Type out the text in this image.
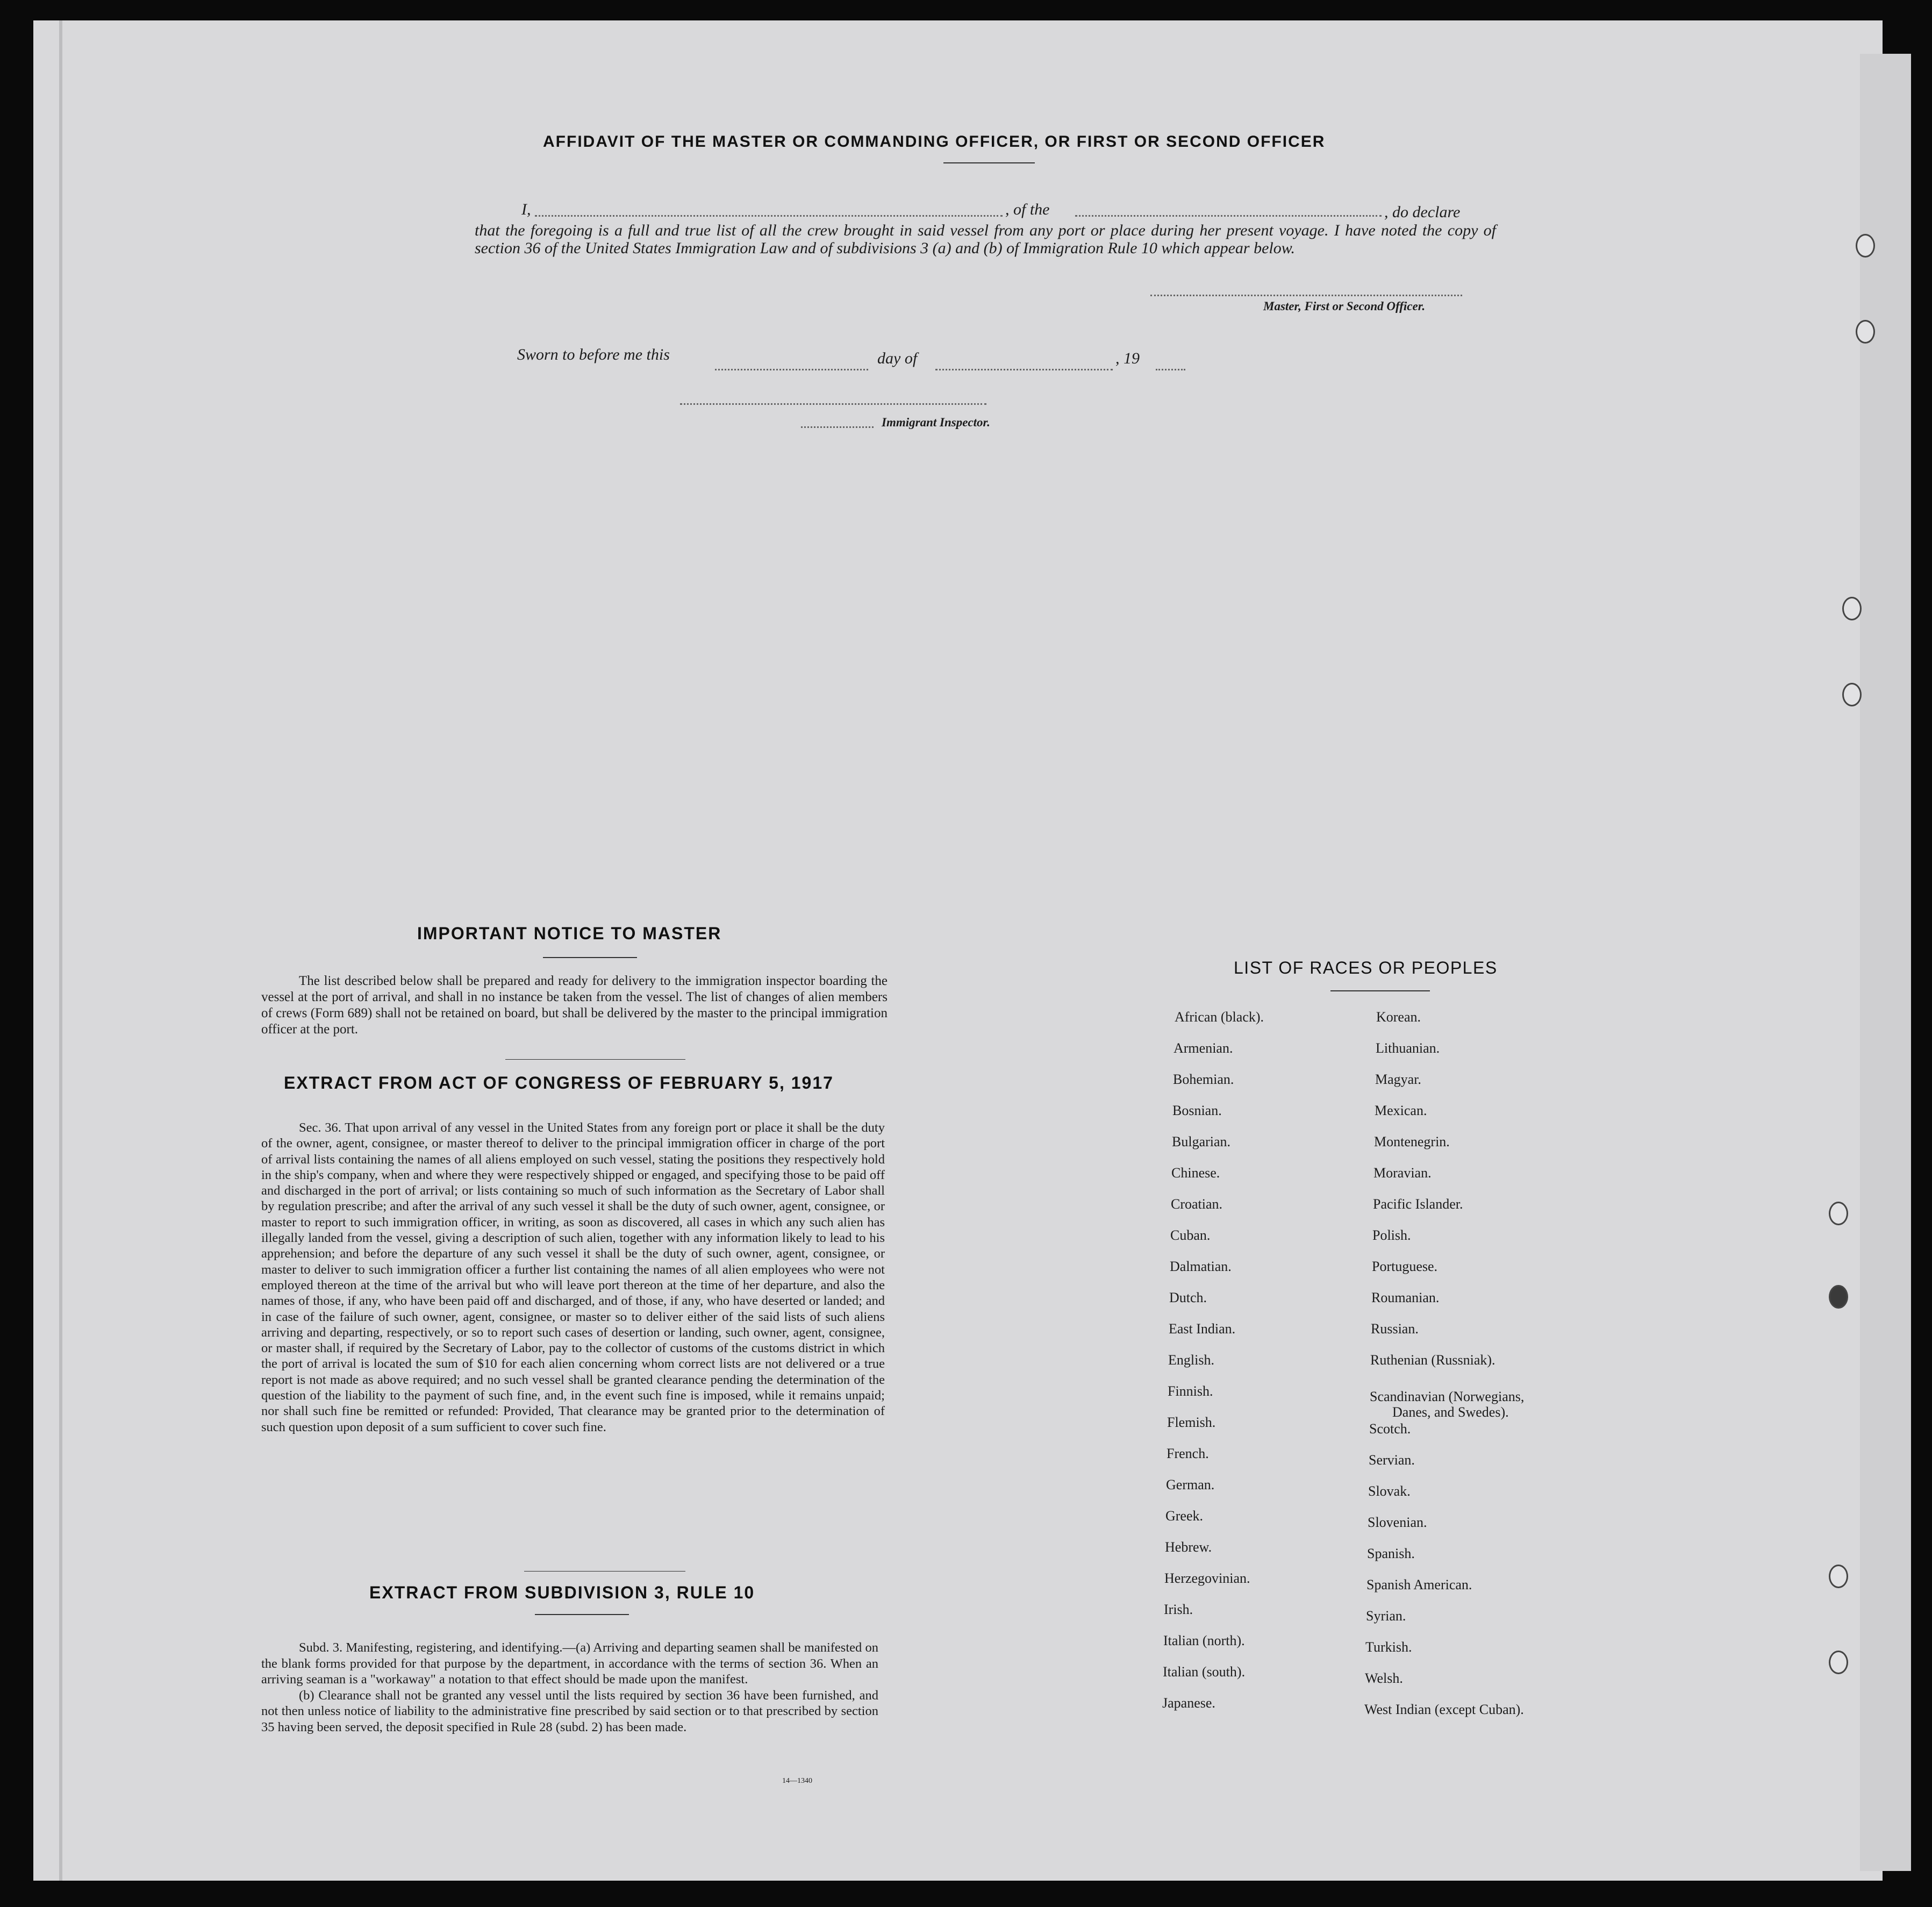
AFFIDAVIT OF THE MASTER OR COMMANDING OFFICER, OR FIRST OR SECOND OFFICER
I,	, of the	, do declare
that the foregoing is a full and true list of all the crew brought in said vessel from any port or place during her present voyage. I have noted the copy of section 36 of the United States Immigration Law and of subdivisions 3 (a) and (b) of Immigration Rule 10 which appear below.
Master, First or Second Officer.
Sworn to before me this	day of	, 19
Immigrant Inspector.
IMPORTANT NOTICE TO MASTER

The list described below shall be prepared and ready for delivery to the immigration inspector boarding the vessel at the port of arrival, and shall in no instance be taken from the vessel. The list of changes of alien members of crews (Form 689) shall not be retained on board, but shall be delivered by the master to the principal immigration officer at the port.

EXTRACT FROM ACT OF CONGRESS OF FEBRUARY 5, 1917

Sec. 36. That upon arrival of any vessel in the United States from any foreign port or place it shall be the duty of the owner, agent, consignee, or master thereof to deliver to the principal immigration officer in charge of the port of arrival lists containing the names of all aliens employed on such vessel, stating the positions they respectively hold in the ship's company, when and where they were respectively shipped or engaged, and specifying those to be paid off and discharged in the port of arrival; or lists containing so much of such information as the Secretary of Labor shall by regulation prescribe; and after the arrival of any such vessel it shall be the duty of such owner, agent, consignee, or master to report to such immigration officer, in writing, as soon as discovered, all cases in which any such alien has illegally landed from the vessel, giving a description of such alien, together with any information likely to lead to his apprehension; and before the departure of any such vessel it shall be the duty of such owner, agent, consignee, or master to deliver to such immigration officer a further list containing the names of all alien employees who were not employed thereon at the time of the arrival but who will leave port thereon at the time of her departure, and also the names of those, if any, who have been paid off and discharged, and of those, if any, who have deserted or landed; and in case of the failure of such owner, agent, consignee, or master so to deliver either of the said lists of such aliens arriving and departing, respectively, or so to report such cases of desertion or landing, such owner, agent, consignee, or master shall, if required by the Secretary of Labor, pay to the collector of customs of the customs district in which the port of arrival is located the sum of $10 for each alien concerning whom correct lists are not delivered or a true report is not made as above required; and no such vessel shall be granted clearance pending the determination of the question of the liability to the payment of such fine, and, in the event such fine is imposed, while it remains unpaid; nor shall such fine be remitted or refunded: Provided, That clearance may be granted prior to the determination of such question upon deposit of a sum sufficient to cover such fine.

EXTRACT FROM SUBDIVISION 3, RULE 10

Subd. 3. Manifesting, registering, and identifying.—(a) Arriving and departing seamen shall be manifested on the blank forms provided for that purpose by the department, in accordance with the terms of section 36. When an arriving seaman is a "workaway" a notation to that effect should be made upon the manifest.

(b) Clearance shall not be granted any vessel until the lists required by section 36 have been furnished, and not then unless notice of liability to the administrative fine prescribed by said section or to that prescribed by section 35 having been served, the deposit specified in Rule 28 (subd. 2) has been made.

14—1340
LIST OF RACES OR PEOPLES
African (black).
Armenian.
Bohemian.
Bosnian.
Bulgarian.
Chinese.
Croatian.
Cuban.
Dalmatian.
Dutch.
East Indian.
English.
Finnish.
Flemish.
French.
German.
Greek.
Hebrew.
Herzegovinian.
Irish.
Italian (north).
Italian (south).
Japanese.
Korean.
Lithuanian.
Magyar.
Mexican.
Montenegrin.
Moravian.
Pacific Islander.
Polish.
Portuguese.
Roumanian.
Russian.
Ruthenian (Russniak).
Scandinavian (Norwegians,
Danes, and Swedes).
Scotch.
Servian.
Slovak.
Slovenian.
Spanish.
Spanish American.
Syrian.
Turkish.
Welsh.
West Indian (except Cuban).
